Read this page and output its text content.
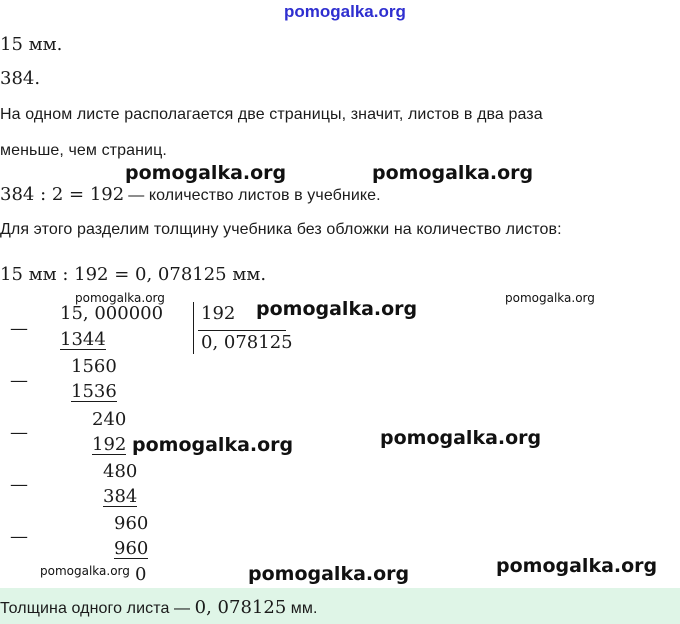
pomogalka.org
15 мм.
384.
На одном листе располагается две страницы, значит, листов в два раза
меньше, чем страниц.
384 : 2 = 192 — количество листов в учебнике.
Для этого разделим толщину учебника без обложки на количество листов:
15 мм : 192 = 0, 078125 мм.
—
—
—
—
—
15, 000000 192
0, 078125
1344
1560
1536
240
192
480
384
960
960
0
Толщина одного листа — 0, 078125 мм.
pomogalka.org	pomogalka.org
pomogalka.org	pomogalka.org	pomogalka.org
pomogalka.org	pomogalka.org
pomogalka.org	pomogalka.org	pomogalka.org
